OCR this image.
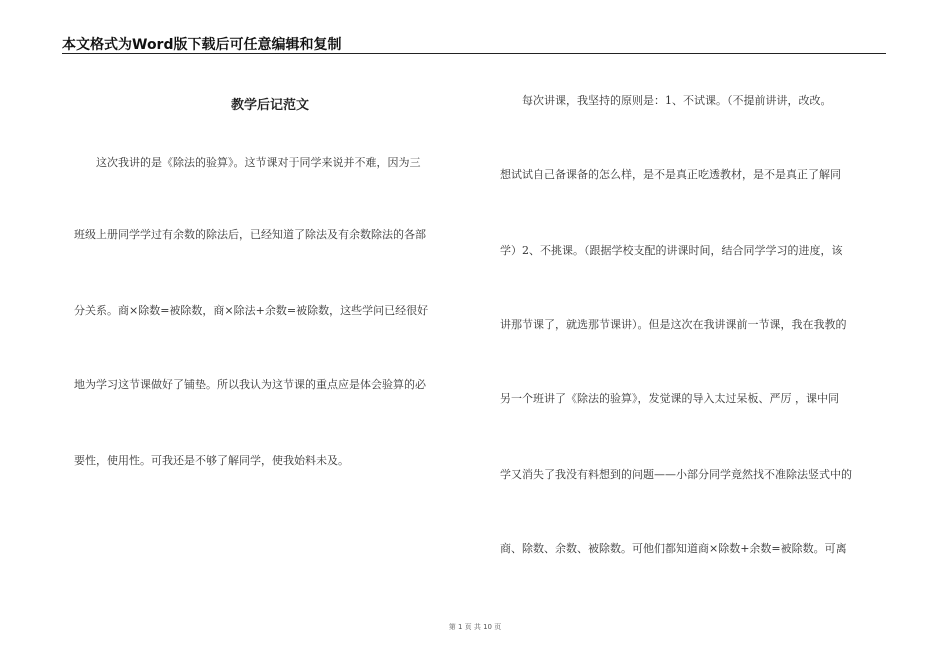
本文格式为Word版下载后可任意编辑和复制
教学后记范文
　　这次我讲的是《除法的验算》。这节课对于同学来说并不难，因为三
班级上册同学学过有余数的除法后，已经知道了除法及有余数除法的各部
分关系。商×除数=被除数，商×除法+余数=被除数，这些学问已经很好
地为学习这节课做好了铺垫。所以我认为这节课的重点应是体会验算的必
要性，使用性。可我还是不够了解同学，使我始料未及。
　　每次讲课，我坚持的原则是：1、不试课。（不提前讲讲，改改。
想试试自己备课备的怎么样，是不是真正吃透教材，是不是真正了解同
学）2、不挑课。（跟据学校支配的讲课时间，结合同学学习的进度，该
讲那节课了，就选那节课讲）。但是这次在我讲课前一节课，我在我教的
另一个班讲了《除法的验算》，发觉课的导入太过呆板、严厉 ，课中同
学又消失了我没有料想到的问题——小部分同学竟然找不准除法竖式中的
商、除数、余数、被除数。可他们都知道商×除数+余数=被除数。可离
第 1 页 共 10 页
